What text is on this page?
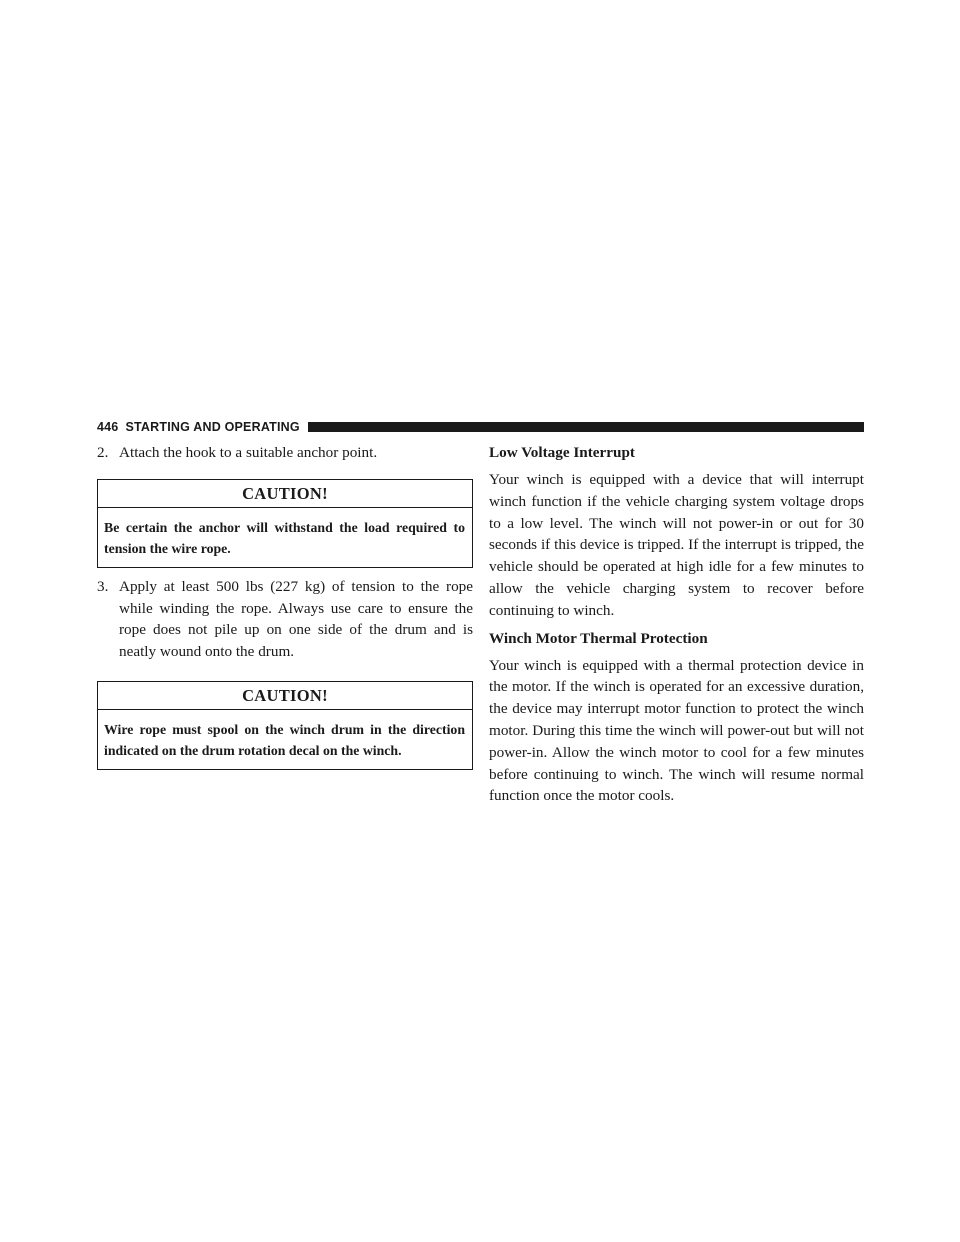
446 STARTING AND OPERATING
2. Attach the hook to a suitable anchor point.
CAUTION!
Be certain the anchor will withstand the load required to tension the wire rope.
3. Apply at least 500 lbs (227 kg) of tension to the rope while winding the rope. Always use care to ensure the rope does not pile up on one side of the drum and is neatly wound onto the drum.
CAUTION!
Wire rope must spool on the winch drum in the direction indicated on the drum rotation decal on the winch.
Low Voltage Interrupt

Your winch is equipped with a device that will interrupt winch function if the vehicle charging system voltage drops to a low level. The winch will not power-in or out for 30 seconds if this device is tripped. If the interrupt is tripped, the vehicle should be operated at high idle for a few minutes to allow the vehicle charging system to recover before continuing to winch.

Winch Motor Thermal Protection

Your winch is equipped with a thermal protection device in the motor. If the winch is operated for an excessive duration, the device may interrupt motor function to protect the winch motor. During this time the winch will power-out but will not power-in. Allow the winch motor to cool for a few minutes before continuing to winch. The winch will resume normal function once the motor cools.
